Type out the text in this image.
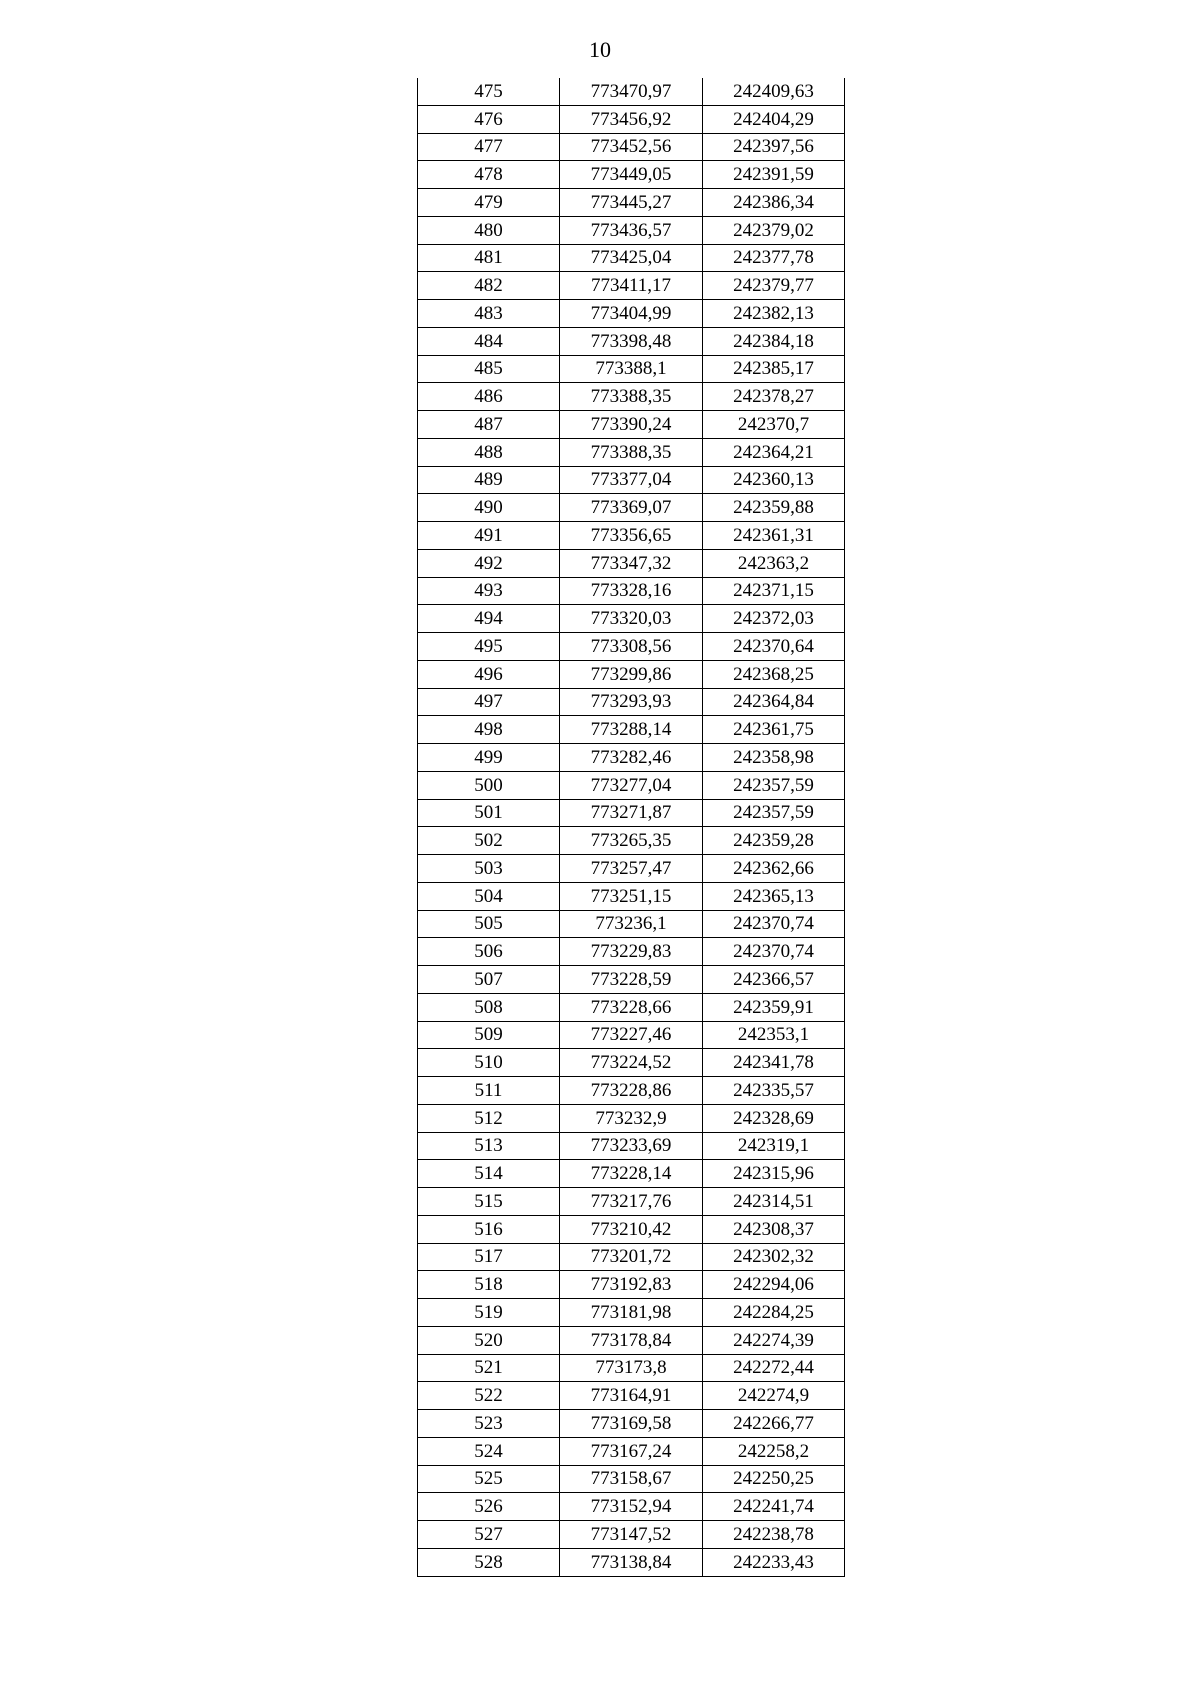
10
475	773470,97	242409,63
476	773456,92	242404,29
477	773452,56	242397,56
478	773449,05	242391,59
479	773445,27	242386,34
480	773436,57	242379,02
481	773425,04	242377,78
482	773411,17	242379,77
483	773404,99	242382,13
484	773398,48	242384,18
485	773388,1	242385,17
486	773388,35	242378,27
487	773390,24	242370,7
488	773388,35	242364,21
489	773377,04	242360,13
490	773369,07	242359,88
491	773356,65	242361,31
492	773347,32	242363,2
493	773328,16	242371,15
494	773320,03	242372,03
495	773308,56	242370,64
496	773299,86	242368,25
497	773293,93	242364,84
498	773288,14	242361,75
499	773282,46	242358,98
500	773277,04	242357,59
501	773271,87	242357,59
502	773265,35	242359,28
503	773257,47	242362,66
504	773251,15	242365,13
505	773236,1	242370,74
506	773229,83	242370,74
507	773228,59	242366,57
508	773228,66	242359,91
509	773227,46	242353,1
510	773224,52	242341,78
511	773228,86	242335,57
512	773232,9	242328,69
513	773233,69	242319,1
514	773228,14	242315,96
515	773217,76	242314,51
516	773210,42	242308,37
517	773201,72	242302,32
518	773192,83	242294,06
519	773181,98	242284,25
520	773178,84	242274,39
521	773173,8	242272,44
522	773164,91	242274,9
523	773169,58	242266,77
524	773167,24	242258,2
525	773158,67	242250,25
526	773152,94	242241,74
527	773147,52	242238,78
528	773138,84	242233,43
